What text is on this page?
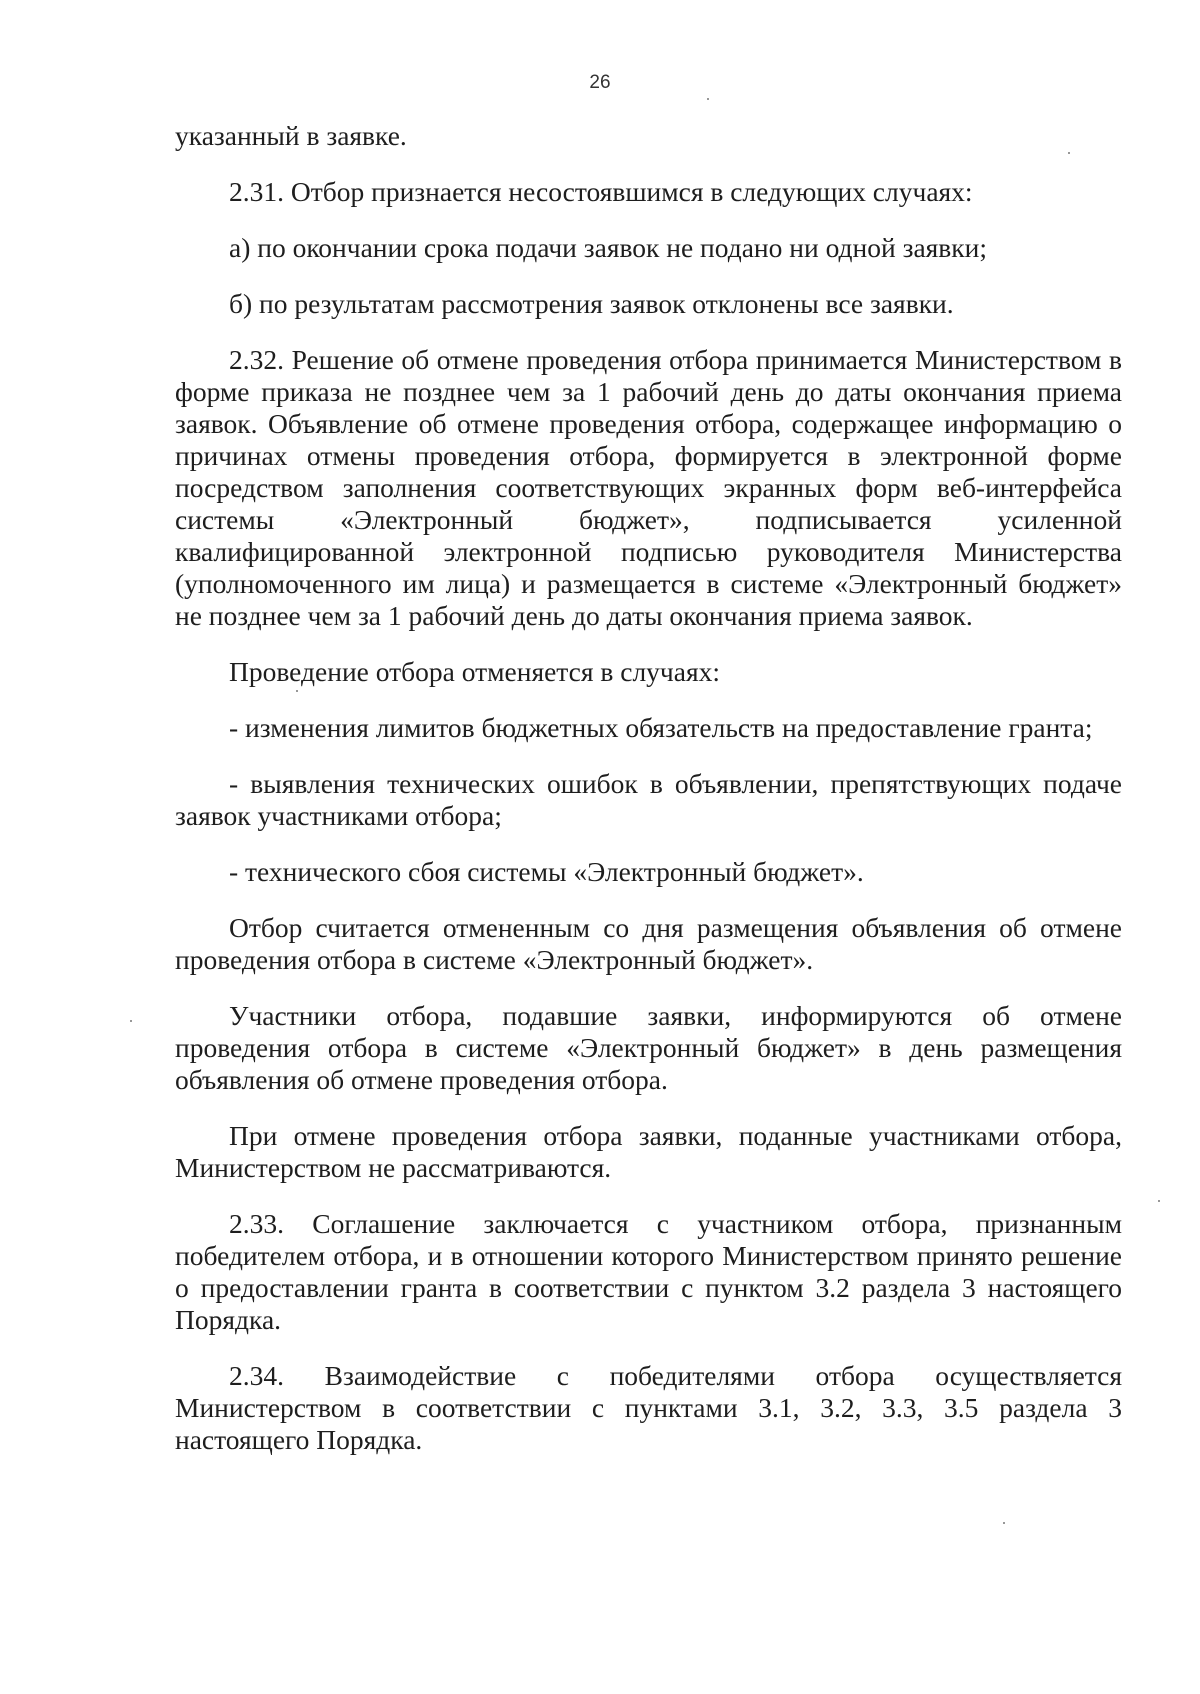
26

указанный в заявке.

2.31. Отбор признается несостоявшимся в следующих случаях:

а) по окончании срока подачи заявок не подано ни одной заявки;

б) по результатам рассмотрения заявок отклонены все заявки.

2.32. Решение об отмене проведения отбора принимается Министерством в форме приказа не позднее чем за 1 рабочий день до даты окончания приема заявок. Объявление об отмене проведения отбора, содержащее информацию о причинах отмены проведения отбора, формируется в электронной форме посредством заполнения соответствующих экранных форм веб-интерфейса системы «Электронный бюджет», подписывается усиленной квалифицированной электронной подписью руководителя Министерства (уполномоченного им лица) и размещается в системе «Электронный бюджет» не позднее чем за 1 рабочий день до даты окончания приема заявок.

Проведение отбора отменяется в случаях:

- изменения лимитов бюджетных обязательств на предоставление гранта;

- выявления технических ошибок в объявлении, препятствующих подаче заявок участниками отбора;

- технического сбоя системы «Электронный бюджет».

Отбор считается отмененным со дня размещения объявления об отмене проведения отбора в системе «Электронный бюджет».

Участники отбора, подавшие заявки, информируются об отмене проведения отбора в системе «Электронный бюджет» в день размещения объявления об отмене проведения отбора.

При отмене проведения отбора заявки, поданные участниками отбора, Министерством не рассматриваются.

2.33. Соглашение заключается с участником отбора, признанным победителем отбора, и в отношении которого Министерством принято решение о предоставлении гранта в соответствии с пунктом 3.2 раздела 3 настоящего Порядка.

2.34. Взаимодействие с победителями отбора осуществляется Министерством в соответствии с пунктами 3.1, 3.2, 3.3, 3.5 раздела 3 настоящего Порядка.
